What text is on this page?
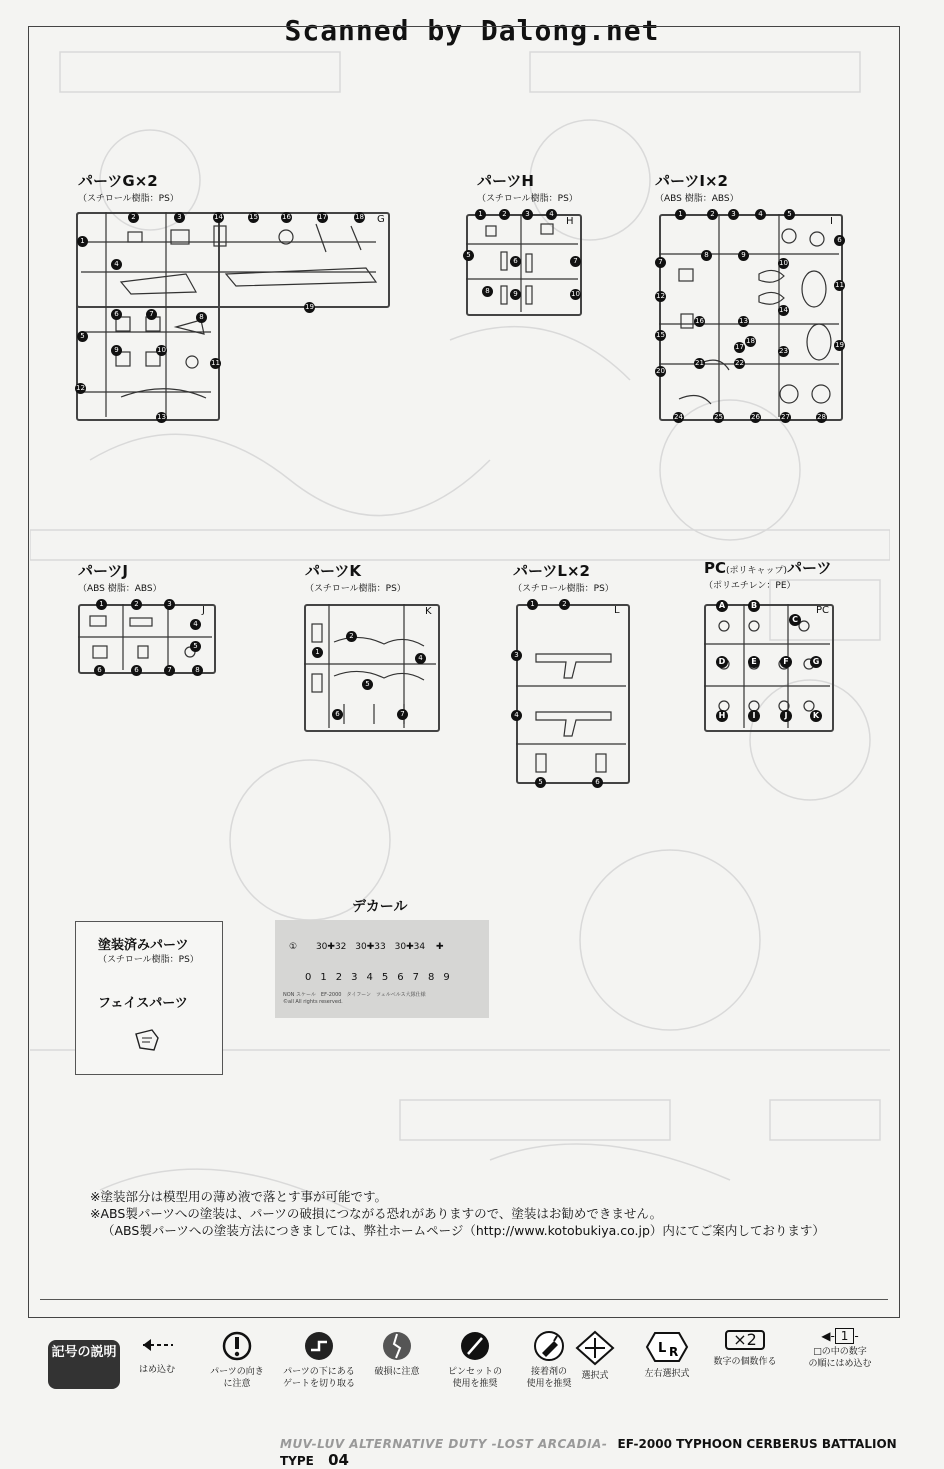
Scanned by Dalong.net
パーツG×2
（スチロール樹脂：PS）
G
1
2	3
4
5
6	7	8
9	10
11
12
13
14	15	16	17	18
19
パーツH
（スチロール樹脂：PS）
H
1	2	3	4
5
6	7
8	9	10
パーツI×2
（ABS 樹脂：ABS）
I
1	2	3	4	5
6
7
8	9
10
11
12
13
14
15
16
17
18	19
20
21	22
23
24	25	26	27	28
パーツJ
（ABS 樹脂：ABS）
J
1	2	3
4
5
6	6	7	8
パーツK
（スチロール樹脂：PS）
K
2
1
4
5
6	7
パーツL×2
（スチロール樹脂：PS）
L
1	2
3
4
5	6
PC(ポリキャップ)パーツ
（ポリエチレン：PE）
PC
A	B
C
D	E	F	G
H	I	J	K
デカール
① 30✚32 30✚33 30✚34 ✚
0123456789
NON スケール　EF-2000　タイフーン　ツェルベルス大隊仕様
©all All rights reserved.
塗装済みパーツ
（スチロール樹脂：PS）
フェイスパーツ
※塗装部分は模型用の薄め液で落とす事が可能です。
※ABS製パーツへの塗装は、パーツの破損につながる恐れがありますので、塗装はお勧めできません。
（ABS製パーツへの塗装方法につきましては、弊社ホームページ（http://www.kotobukiya.co.jp）内にてご案内しております）
記号の説明
はめ込む	パーツの向き
に注意
パーツの下にある
ゲートを切り取る
破損に注意	ピンセットの
使用を推奨
接着剤の
使用を推奨
選択式
L R
左右選択式
×2
数字の個数作る
◀- 1 -
□の中の数字
の順にはめ込む
MUV-LUV ALTERNATIVE DUTY -LOST ARCADIA- EF-2000 TYPHOON CERBERUS BATTALION TYPE 04
